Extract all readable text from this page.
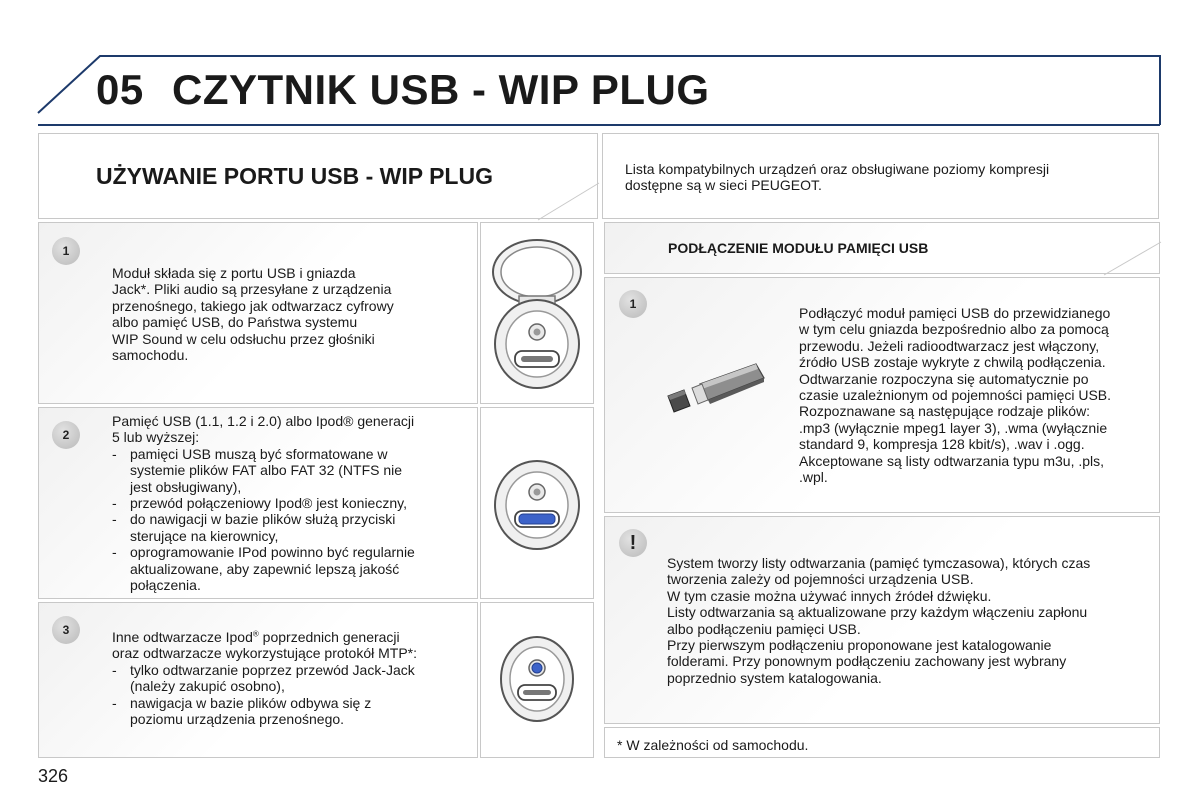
05 CZYTNIK USB - WIP PLUG
UŻYWANIE PORTU USB - WIP PLUG	Lista kompatybilnych urządzeń oraz obsługiwane poziomy kompresji

dostępne są w sieci PEUGEOT.

1

Moduł składa się z portu USB i gniazda

Jack*. Pliki audio są przesyłane z urządzenia

przenośnego, takiego jak odtwarzacz cyfrowy

albo pamięć USB, do Państwa systemu

WIP Sound w celu odsłuchu przez głośniki

samochodu.

2

Pamięć USB (1.1, 1.2 i 2.0) albo Ipod® generacji

5 lub wyższej:

- pamięci USB muszą być sformatowane w
systemie plików FAT albo FAT 32 (NTFS nie
jest obsługiwany),
- przewód połączeniowy Ipod® jest konieczny,
- do nawigacji w bazie plików służą przyciski
sterujące na kierownicy,
- oprogramowanie IPod powinno być regularnie
aktualizowane, aby zapewnić lepszą jakość
połączenia.
3	Inne odtwarzacze Ipod® poprzednich generacji

oraz odtwarzacze wykorzystujące protokół MTP*:

- tylko odtwarzanie poprzez przewód Jack-Jack
(należy zakupić osobno),
- nawigacja w bazie plików odbywa się z
poziomu urządzenia przenośnego.
PODŁĄCZENIE MODUŁU PAMIĘCI USB
1

Podłączyć moduł pamięci USB do przewidzianego

w tym celu gniazda bezpośrednio albo za pomocą

przewodu. Jeżeli radioodtwarzacz jest włączony,

źródło USB zostaje wykryte z chwilą podłączenia.

Odtwarzanie rozpoczyna się automatycznie po

czasie uzależnionym od pojemności pamięci USB.

Rozpoznawane są następujące rodzaje plików:

.mp3 (wyłącznie mpeg1 layer 3), .wma (wyłącznie

standard 9, kompresja 128 kbit/s), .wav i .ogg.

Akceptowane są listy odtwarzania typu m3u, .pls,

.wpl.

!

System tworzy listy odtwarzania (pamięć tymczasowa), których czas

tworzenia zależy od pojemności urządzenia USB.

W tym czasie można używać innych źródeł dźwięku.

Listy odtwarzania są aktualizowane przy każdym włączeniu zapłonu

albo podłączeniu pamięci USB.

Przy pierwszym podłączeniu proponowane jest katalogowanie

folderami. Przy ponownym podłączeniu zachowany jest wybrany

poprzednio system katalogowania.

* W zależności od samochodu.
326
